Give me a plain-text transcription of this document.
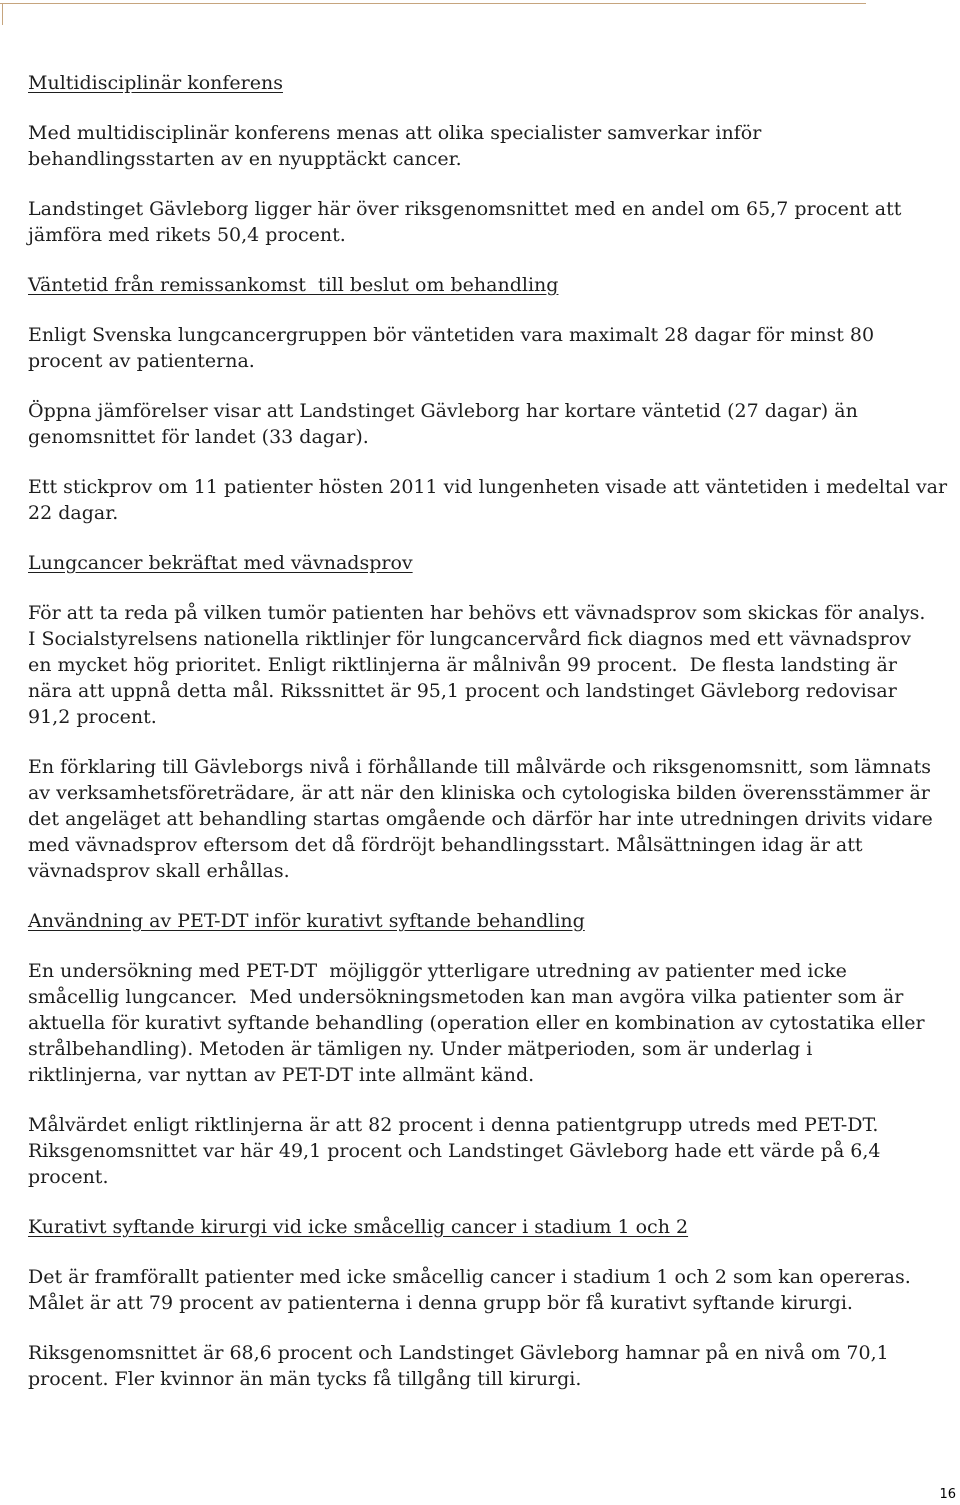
Multidisciplinär konferens

Med multidisciplinär konferens menas att olika specialister samverkar inför

behandlingsstarten av en nyupptäckt cancer.

Landstinget Gävleborg ligger här över riksgenomsnittet med en andel om 65,7 procent att

jämföra med rikets 50,4 procent.

Väntetid från remissankomst  till beslut om behandling

Enligt Svenska lungcancergruppen bör väntetiden vara maximalt 28 dagar för minst 80

procent av patienterna.

Öppna jämförelser visar att Landstinget Gävleborg har kortare väntetid (27 dagar) än

genomsnittet för landet (33 dagar).

Ett stickprov om 11 patienter hösten 2011 vid lungenheten visade att väntetiden i medeltal var

22 dagar.

Lungcancer bekräftat med vävnadsprov

För att ta reda på vilken tumör patienten har behövs ett vävnadsprov som skickas för analys.

I Socialstyrelsens nationella riktlinjer för lungcancervård fick diagnos med ett vävnadsprov

en mycket hög prioritet. Enligt riktlinjerna är målnivån 99 procent.  De flesta landsting är

nära att uppnå detta mål. Rikssnittet är 95,1 procent och landstinget Gävleborg redovisar

91,2 procent.

En förklaring till Gävleborgs nivå i förhållande till målvärde och riksgenomsnitt, som lämnats

av verksamhetsföreträdare, är att när den kliniska och cytologiska bilden överensstämmer är

det angeläget att behandling startas omgående och därför har inte utredningen drivits vidare

med vävnadsprov eftersom det då fördröjt behandlingsstart. Målsättningen idag är att

vävnadsprov skall erhållas.

Användning av PET-DT inför kurativt syftande behandling

En undersökning med PET-DT  möjliggör ytterligare utredning av patienter med icke

småcellig lungcancer.  Med undersökningsmetoden kan man avgöra vilka patienter som är

aktuella för kurativt syftande behandling (operation eller en kombination av cytostatika eller

strålbehandling). Metoden är tämligen ny. Under mätperioden, som är underlag i

riktlinjerna, var nyttan av PET-DT inte allmänt känd.

Målvärdet enligt riktlinjerna är att 82 procent i denna patientgrupp utreds med PET-DT.

Riksgenomsnittet var här 49,1 procent och Landstinget Gävleborg hade ett värde på 6,4

procent.

Kurativt syftande kirurgi vid icke småcellig cancer i stadium 1 och 2

Det är framförallt patienter med icke småcellig cancer i stadium 1 och 2 som kan opereras.

Målet är att 79 procent av patienterna i denna grupp bör få kurativt syftande kirurgi.

Riksgenomsnittet är 68,6 procent och Landstinget Gävleborg hamnar på en nivå om 70,1

procent. Fler kvinnor än män tycks få tillgång till kirurgi.

16
